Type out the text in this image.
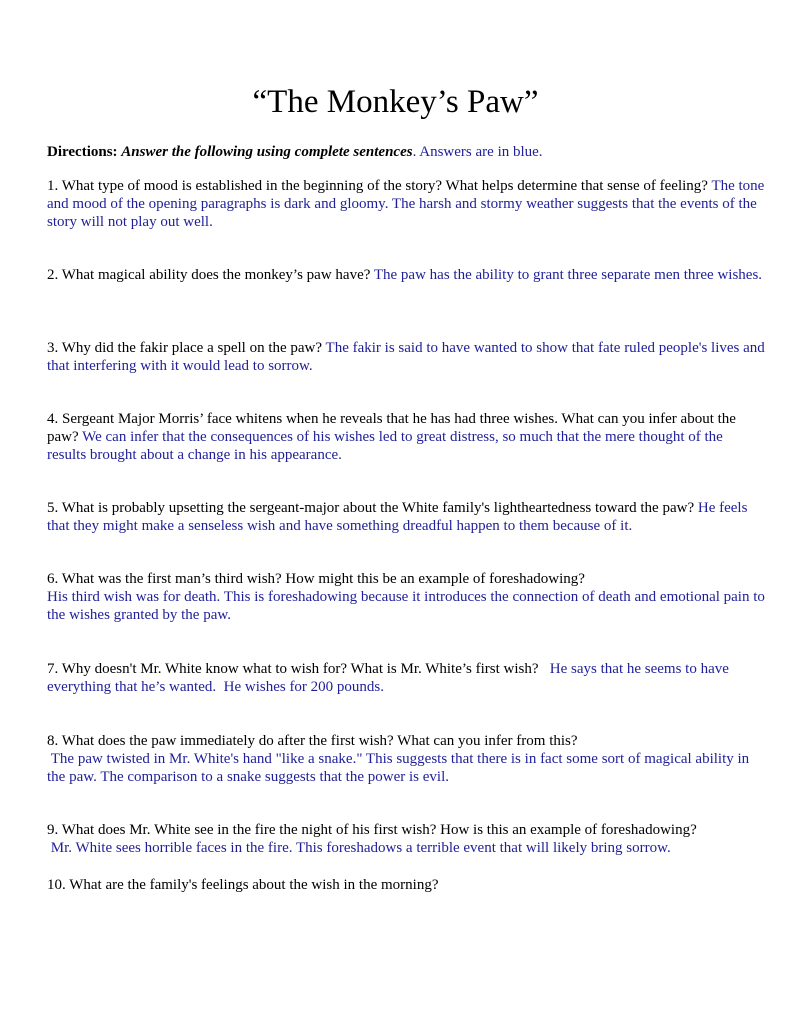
“The Monkey’s Paw”
Directions: Answer the following using complete sentences. Answers are in blue.
1. What type of mood is established in the beginning of the story? What helps determine that sense of feeling? The tone and mood of the opening paragraphs is dark and gloomy. The harsh and stormy weather suggests that the events of the story will not play out well.
2. What magical ability does the monkey’s paw have? The paw has the ability to grant three separate men three wishes.
3. Why did the fakir place a spell on the paw? The fakir is said to have wanted to show that fate ruled people's lives and that interfering with it would lead to sorrow.
4. Sergeant Major Morris’ face whitens when he reveals that he has had three wishes. What can you infer about the paw? We can infer that the consequences of his wishes led to great distress, so much that the mere thought of the results brought about a change in his appearance.
5. What is probably upsetting the sergeant-major about the White family's lightheartedness toward the paw? He feels that they might make a senseless wish and have something dreadful happen to them because of it.
6. What was the first man’s third wish? How might this be an example of foreshadowing?
His third wish was for death. This is foreshadowing because it introduces the connection of death and emotional pain to the wishes granted by the paw.
7. Why doesn't Mr. White know what to wish for? What is Mr. White’s first wish?   He says that he seems to have everything that he’s wanted.  He wishes for 200 pounds.
8. What does the paw immediately do after the first wish? What can you infer from this?
The paw twisted in Mr. White's hand "like a snake." This suggests that there is in fact some sort of magical ability in the paw. The comparison to a snake suggests that the power is evil.
9. What does Mr. White see in the fire the night of his first wish? How is this an example of foreshadowing?
Mr. White sees horrible faces in the fire. This foreshadows a terrible event that will likely bring sorrow.
10. What are the family's feelings about the wish in the morning?
